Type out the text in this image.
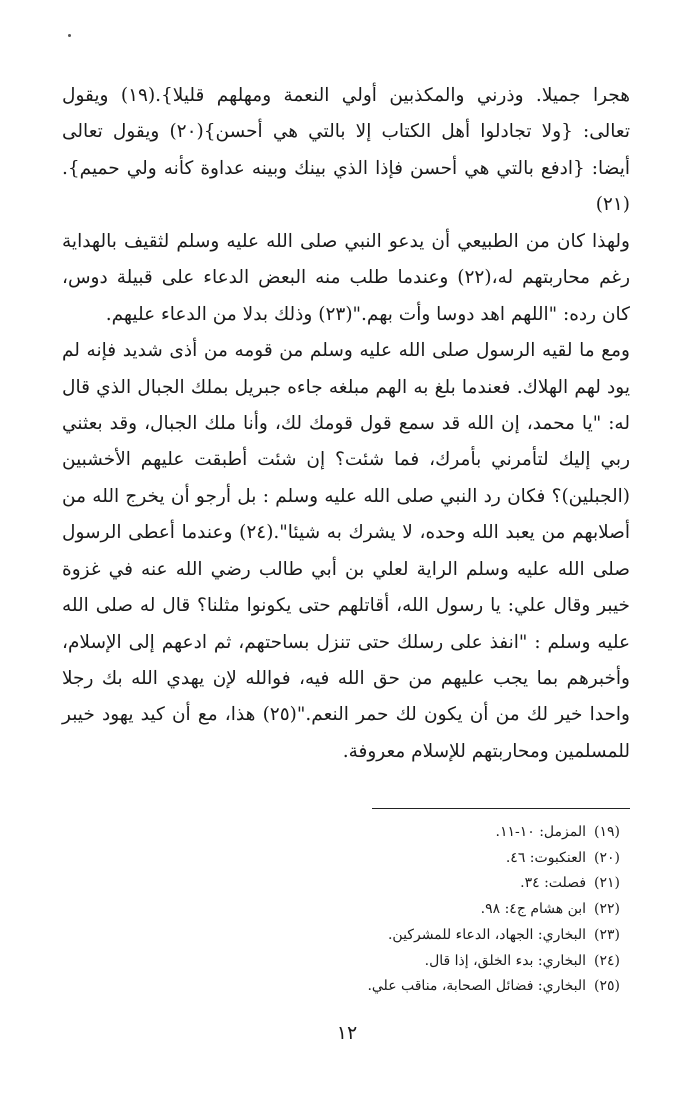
هجرا جميلا. وذرني والمكذبين أولي النعمة ومهلهم قليلا}.(١٩) ويقول تعالى: {ولا تجادلوا أهل الكتاب إلا بالتي هي أحسن}(٢٠) ويقول تعالى أيضا: {ادفع بالتي هي أحسن فإذا الذي بينك وبينه عداوة كأنه ولي حميم}.(٢١)

ولهذا كان من الطبيعي أن يدعو النبي صلى الله عليه وسلم لثقيف بالهداية رغم محاربتهم له،(٢٢) وعندما طلب منه البعض الدعاء على قبيلة دوس، كان رده: "اللهم اهد دوسا وأت بهم."(٢٣) وذلك بدلا من الدعاء عليهم.

ومع ما لقيه الرسول صلى الله عليه وسلم من قومه من أذى شديد فإنه لم يود لهم الهلاك. فعندما بلغ به الهم مبلغه جاءه جبريل بملك الجبال الذي قال له: "يا محمد، إن الله قد سمع قول قومك لك، وأنا ملك الجبال، وقد بعثني ربي إليك لتأمرني بأمرك، فما شئت؟ إن شئت أطبقت عليهم الأخشبين (الجبلين)؟ فكان رد النبي صلى الله عليه وسلم : بل أرجو أن يخرج الله من أصلابهم من يعبد الله وحده، لا يشرك به شيئا".(٢٤) وعندما أعطى الرسول صلى الله عليه وسلم الراية لعلي بن أبي طالب رضي الله عنه في غزوة خيبر وقال علي: يا رسول الله، أقاتلهم حتى يكونوا مثلنا؟ قال له صلى الله عليه وسلم : "انفذ على رسلك حتى تنزل بساحتهم، ثم ادعهم إلى الإسلام، وأخبرهم بما يجب عليهم من حق الله فيه، فوالله لإن يهدي الله بك رجلا واحدا خير لك من أن يكون لك حمر النعم."(٢٥) هذا، مع أن كيد يهود خيبر للمسلمين ومحاربتهم للإسلام معروفة.

(١٩)المزمل: ١٠-١١.
(٢٠)العنكبوت: ٤٦.
(٢١)فصلت: ٣٤.
(٢٢)ابن هشام ج٤: ٩٨.
(٢٣)البخاري: الجهاد، الدعاء للمشركين.
(٢٤)البخاري: بدء الخلق، إذا قال.
(٢٥)البخاري: فضائل الصحابة، مناقب علي.
١٢
